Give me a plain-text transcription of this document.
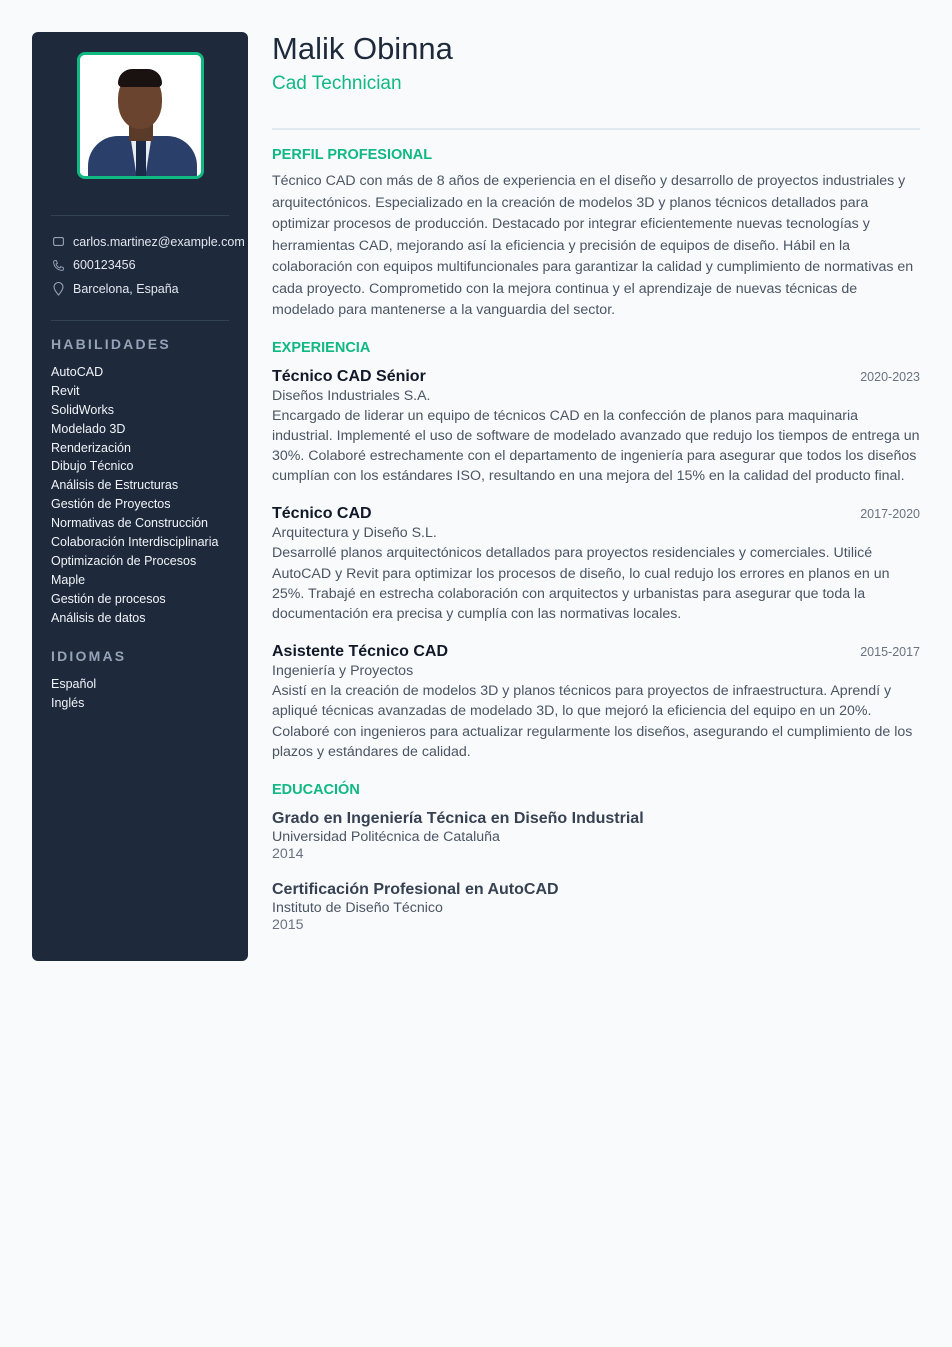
carlos.martinez@example.com
600123456
Barcelona, España
HABILIDADES
AutoCAD
Revit
SolidWorks
Modelado 3D
Renderización
Dibujo Técnico
Análisis de Estructuras
Gestión de Proyectos
Normativas de Construcción
Colaboración Interdisciplinaria
Optimización de Procesos
Maple
Gestión de procesos
Análisis de datos
IDIOMAS
Español
Inglés
Malik Obinna
Cad Technician
PERFIL PROFESIONAL

Técnico CAD con más de 8 años de experiencia en el diseño y desarrollo de proyectos industriales y arquitectónicos. Especializado en la creación de modelos 3D y planos técnicos detallados para optimizar procesos de producción. Destacado por integrar eficientemente nuevas tecnologías y herramientas CAD, mejorando así la eficiencia y precisión de equipos de diseño. Hábil en la colaboración con equipos multifuncionales para garantizar la calidad y cumplimiento de normativas en cada proyecto. Comprometido con la mejora continua y el aprendizaje de nuevas técnicas de modelado para mantenerse a la vanguardia del sector.

EXPERIENCIA
Técnico CAD Sénior	2020-2023
Diseños Industriales S.A.

Encargado de liderar un equipo de técnicos CAD en la confección de planos para maquinaria industrial. Implementé el uso de software de modelado avanzado que redujo los tiempos de entrega un 30%. Colaboré estrechamente con el departamento de ingeniería para asegurar que todos los diseños cumplían con los estándares ISO, resultando en una mejora del 15% en la calidad del producto final.

Técnico CAD	2017-2020
Arquitectura y Diseño S.L.

Desarrollé planos arquitectónicos detallados para proyectos residenciales y comerciales. Utilicé AutoCAD y Revit para optimizar los procesos de diseño, lo cual redujo los errores en planos en un 25%. Trabajé en estrecha colaboración con arquitectos y urbanistas para asegurar que toda la documentación era precisa y cumplía con las normativas locales.

Asistente Técnico CAD	2015-2017
Ingeniería y Proyectos

Asistí en la creación de modelos 3D y planos técnicos para proyectos de infraestructura. Aprendí y apliqué técnicas avanzadas de modelado 3D, lo que mejoró la eficiencia del equipo en un 20%. Colaboré con ingenieros para actualizar regularmente los diseños, asegurando el cumplimiento de los plazos y estándares de calidad.

EDUCACIÓN
Grado en Ingeniería Técnica en Diseño Industrial
Universidad Politécnica de Cataluña
2014
Certificación Profesional en AutoCAD
Instituto de Diseño Técnico
2015
